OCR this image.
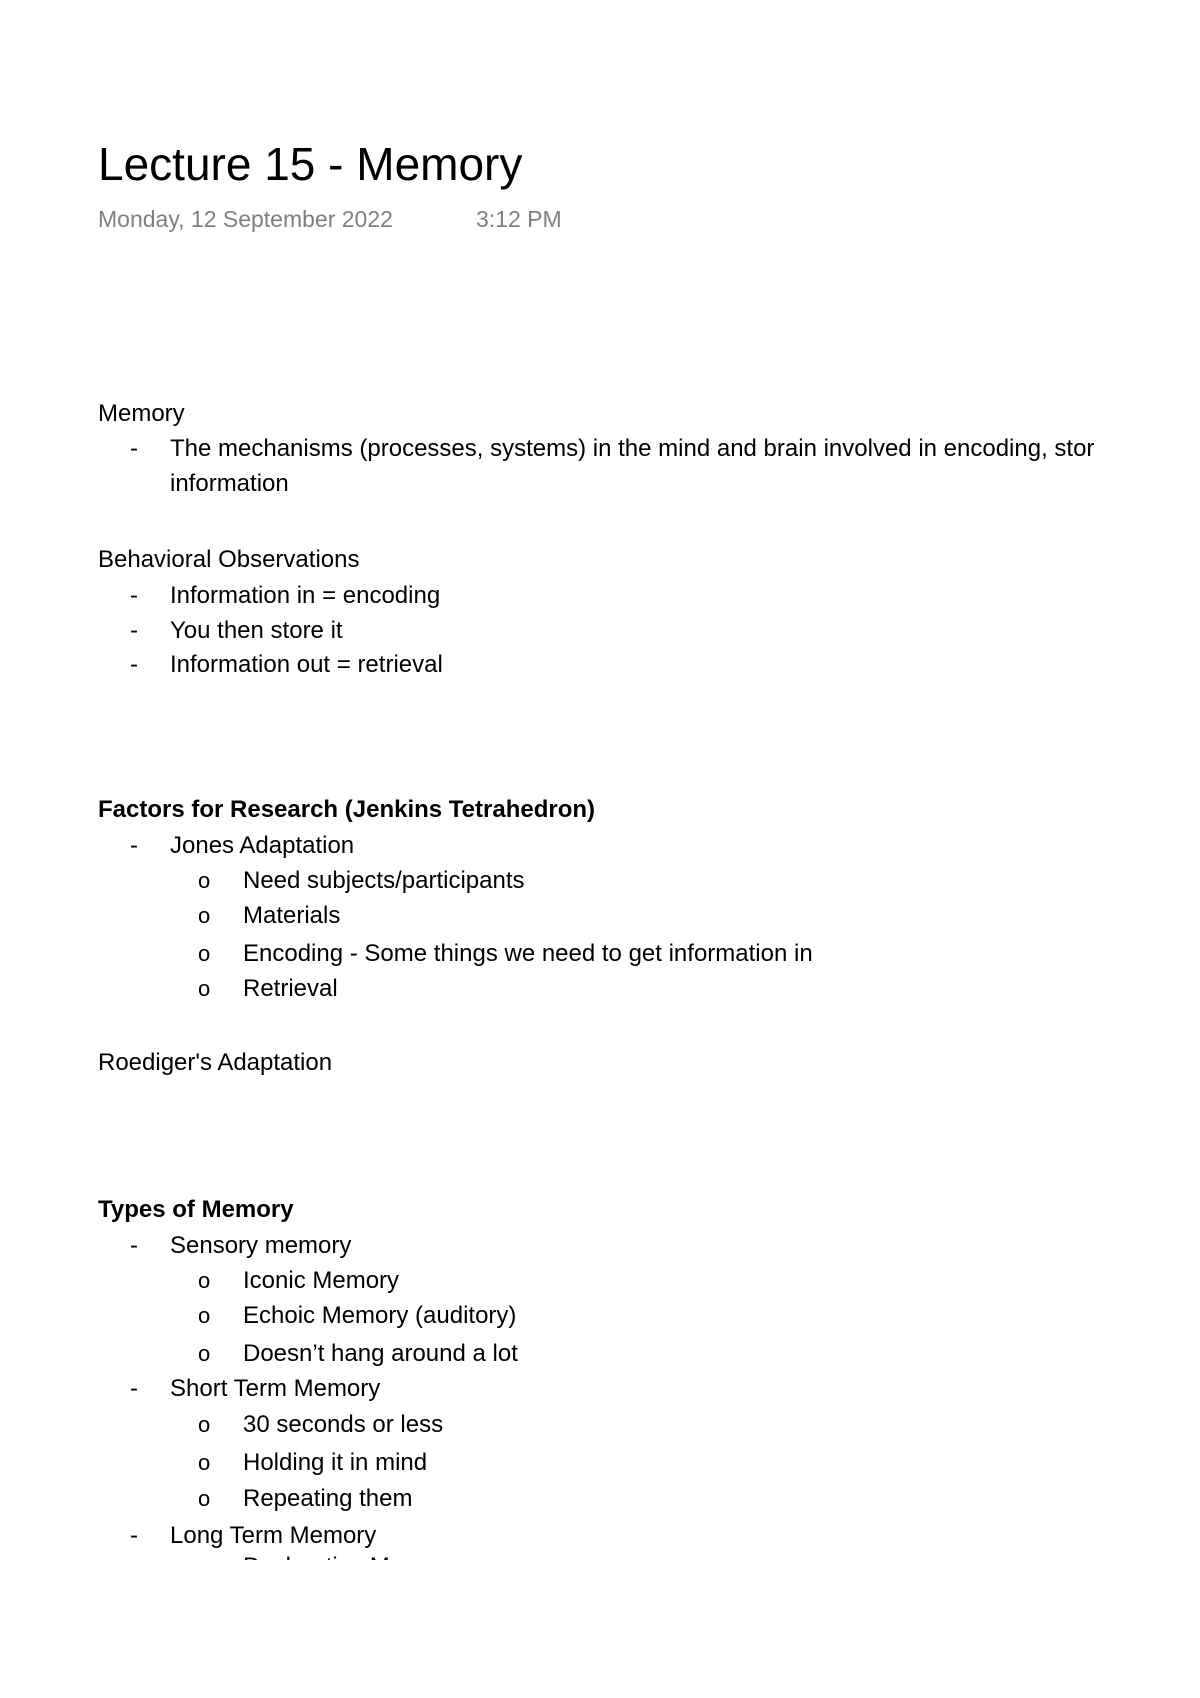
Lecture 15 - Memory
Monday, 12 September 2022	3:12 PM
Memory
- The mechanisms (processes, systems) in the mind and brain involved in encoding, stor
information
Behavioral Observations
- Information in = encoding
- You then store it
- Information out = retrieval
Factors for Research (Jenkins Tetrahedron)
- Jones Adaptation
o Need subjects/participants
o Materials
o Encoding - Some things we need to get information in
o Retrieval
Roediger's Adaptation
Types of Memory
- Sensory memory
o Iconic Memory
o Echoic Memory (auditory)
o Doesn’t hang around a lot
- Short Term Memory
o 30 seconds or less
o Holding it in mind
o Repeating them
- Long Term Memory
